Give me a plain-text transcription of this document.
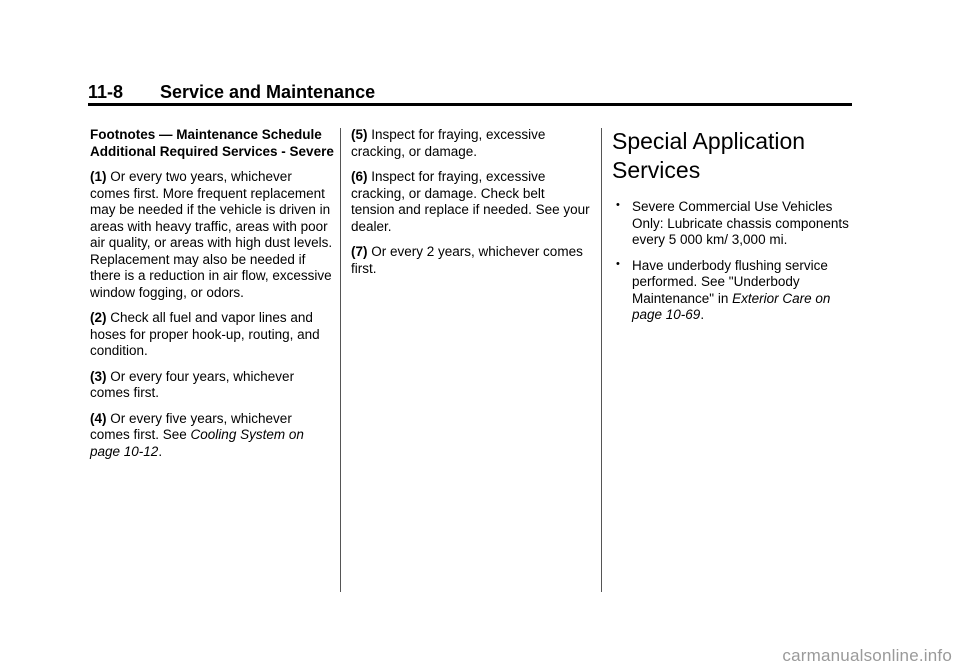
11-8	Service and Maintenance
Footnotes — Maintenance Schedule Additional Required Services - Severe

(1) Or every two years, whichever comes first. More frequent replacement may be needed if the vehicle is driven in areas with heavy traffic, areas with poor air quality, or areas with high dust levels. Replacement may also be needed if there is a reduction in air flow, excessive window fogging, or odors.

(2) Check all fuel and vapor lines and hoses for proper hook-up, routing, and condition.

(3) Or every four years, whichever comes first.

(4) Or every five years, whichever comes first. See Cooling System on page 10-12.

(5) Inspect for fraying, excessive cracking, or damage.

(6) Inspect for fraying, excessive cracking, or damage. Check belt tension and replace if needed. See your dealer.

(7) Or every 2 years, whichever comes first.

Special Application Services
• Severe Commercial Use Vehicles Only: Lubricate chassis components every 5 000 km/ 3,000 mi.
• Have underbody flushing service performed. See "Underbody Maintenance" in Exterior Care on page 10-69.
carmanualsonline.info
